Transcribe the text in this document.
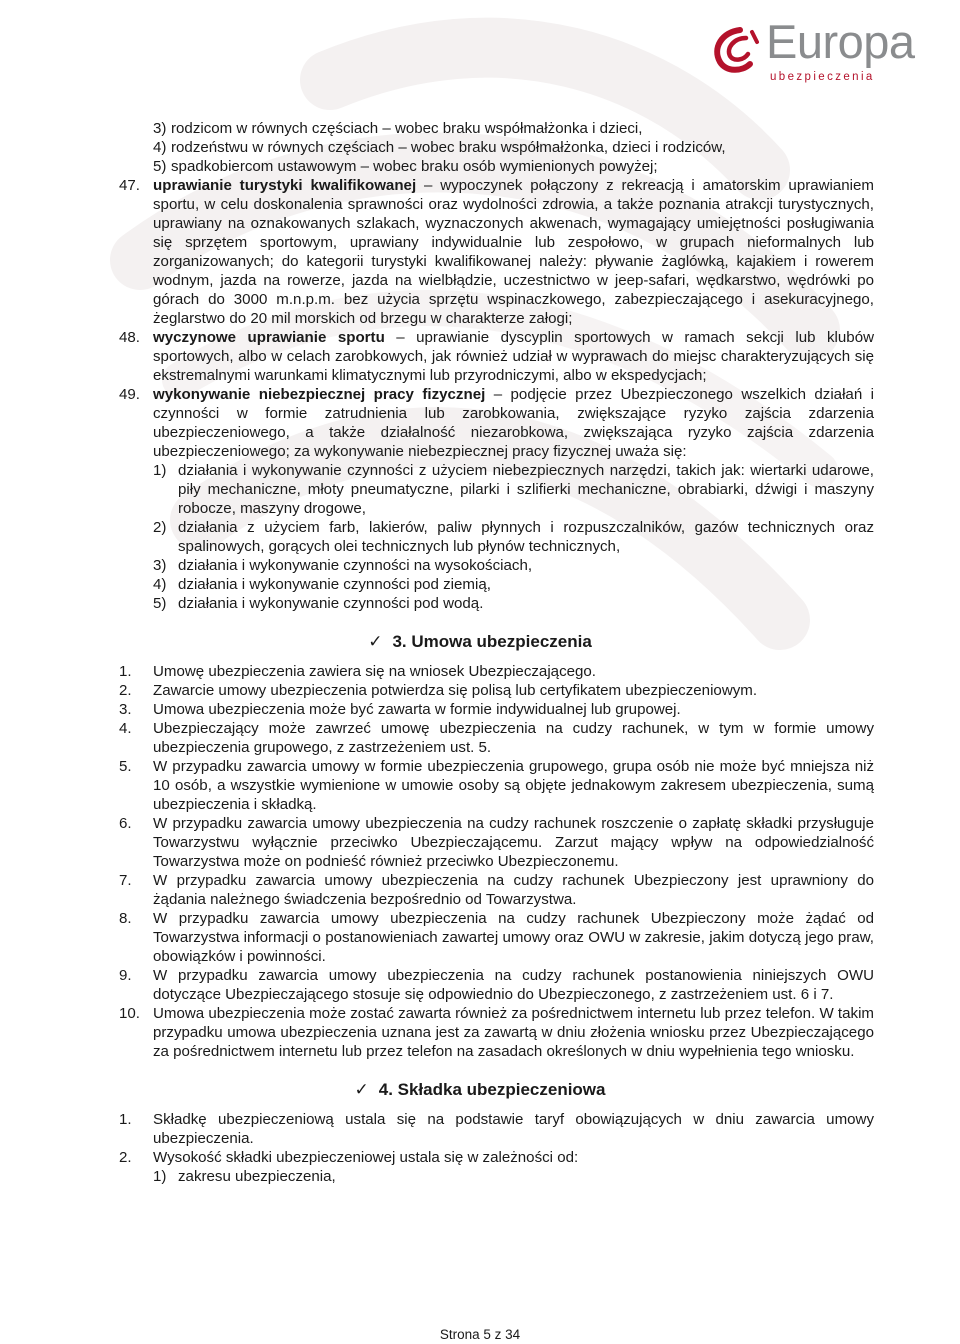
Europa
ubezpieczenia
3) rodzicom w równych częściach – wobec braku współmałżonka i dzieci,
4) rodzeństwu w równych częściach – wobec braku współmałżonka, dzieci i rodziców,
5) spadkobiercom ustawowym – wobec braku osób wymienionych powyżej;
47. uprawianie turystyki kwalifikowanej – wypoczynek połączony z rekreacją i amatorskim uprawianiem sportu, w celu doskonalenia sprawności oraz wydolności zdrowia, a także poznania atrakcji turystycznych, uprawiany na oznakowanych szlakach, wyznaczonych akwenach, wymagający umiejętności posługiwania się sprzętem sportowym, uprawiany indywidualnie lub zespołowo, w grupach nieformalnych lub zorganizowanych; do kategorii turystyki kwalifikowanej należy: pływanie żaglówką, kajakiem i rowerem wodnym, jazda na rowerze, jazda na wielbłądzie, uczestnictwo w jeep-safari, wędkarstwo, wędrówki po górach do 3000 m.n.p.m. bez użycia sprzętu wspinaczkowego, zabezpieczającego i asekuracyjnego, żeglarstwo do 20 mil morskich od brzegu w charakterze załogi;
48. wyczynowe uprawianie sportu – uprawianie dyscyplin sportowych w ramach sekcji lub klubów sportowych, albo w celach zarobkowych, jak również udział w wyprawach do miejsc charakteryzujących się ekstremalnymi warunkami klimatycznymi lub przyrodniczymi, albo w ekspedycjach;
49. wykonywanie niebezpiecznej pracy fizycznej – podjęcie przez Ubezpieczonego wszelkich działań i czynności w formie zatrudnienia lub zarobkowania, zwiększające ryzyko zajścia zdarzenia ubezpieczeniowego, a także działalność niezarobkowa, zwiększająca ryzyko zajścia zdarzenia ubezpieczeniowego; za wykonywanie niebezpiecznej pracy fizycznej uważa się:
1) działania i wykonywanie czynności z użyciem niebezpiecznych narzędzi, takich jak: wiertarki udarowe, piły mechaniczne, młoty pneumatyczne, pilarki i szlifierki mechaniczne, obrabiarki, dźwigi i maszyny robocze, maszyny drogowe,
2) działania z użyciem farb, lakierów, paliw płynnych i rozpuszczalników, gazów technicznych oraz spalinowych, gorących olei technicznych lub płynów technicznych,
3) działania i wykonywanie czynności na wysokościach,
4) działania i wykonywanie czynności pod ziemią,
5) działania i wykonywanie czynności pod wodą.
✓ 3. Umowa ubezpieczenia
1. Umowę ubezpieczenia zawiera się na wniosek Ubezpieczającego.
2. Zawarcie umowy ubezpieczenia potwierdza się polisą lub certyfikatem ubezpieczeniowym.
3. Umowa ubezpieczenia może być zawarta w formie indywidualnej lub grupowej.
4. Ubezpieczający może zawrzeć umowę ubezpieczenia na cudzy rachunek, w tym w formie umowy ubezpieczenia grupowego, z zastrzeżeniem ust. 5.
5. W przypadku zawarcia umowy w formie ubezpieczenia grupowego, grupa osób nie może być mniejsza niż 10 osób, a wszystkie wymienione w umowie osoby są objęte jednakowym zakresem ubezpieczenia, sumą ubezpieczenia i składką.
6. W przypadku zawarcia umowy ubezpieczenia na cudzy rachunek roszczenie o zapłatę składki przysługuje Towarzystwu wyłącznie przeciwko Ubezpieczającemu. Zarzut mający wpływ na odpowiedzialność Towarzystwa może on podnieść również przeciwko Ubezpieczonemu.
7. W przypadku zawarcia umowy ubezpieczenia na cudzy rachunek Ubezpieczony jest uprawniony do żądania należnego świadczenia bezpośrednio od Towarzystwa.
8. W przypadku zawarcia umowy ubezpieczenia na cudzy rachunek Ubezpieczony może żądać od Towarzystwa informacji o postanowieniach zawartej umowy oraz OWU w zakresie, jakim dotyczą jego praw, obowiązków i powinności.
9. W przypadku zawarcia umowy ubezpieczenia na cudzy rachunek postanowienia niniejszych OWU dotyczące Ubezpieczającego stosuje się odpowiednio do Ubezpieczonego, z zastrzeżeniem ust. 6 i 7.
10. Umowa ubezpieczenia może zostać zawarta również za pośrednictwem internetu lub przez telefon. W takim przypadku umowa ubezpieczenia uznana jest za zawartą w dniu złożenia wniosku przez Ubezpieczającego za pośrednictwem internetu lub przez telefon na zasadach określonych w dniu wypełnienia tego wniosku.
✓ 4. Składka ubezpieczeniowa
1. Składkę ubezpieczeniową ustala się na podstawie taryf obowiązujących w dniu zawarcia umowy ubezpieczenia.
2. Wysokość składki ubezpieczeniowej ustala się w zależności od:
1) zakresu ubezpieczenia,
Strona 5 z 34
